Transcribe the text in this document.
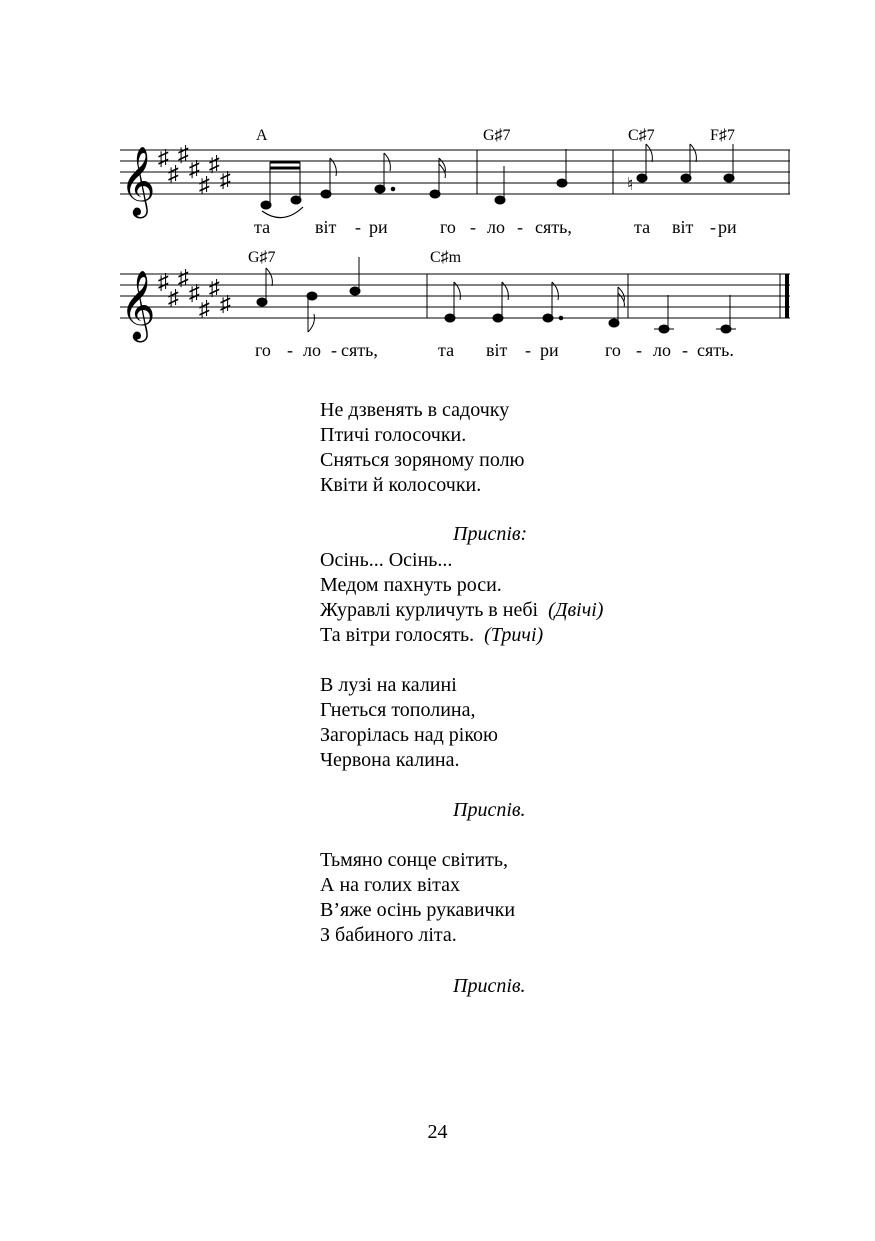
𝄞 ♯
♯
♯
♯
♯
♯
♯	♮
A	G♯7	C♯7	F♯7
та віт - ри	го - ло - сять,	та віт - ри
𝄞 ♯
♯
♯
♯
♯
♯
♯
G♯7	C♯m
го - ло - сять,	та віт - ри	го - ло - сять.
Не дзвенять в садочку
Птичі голосочки.
Сняться зоряному полю
Квіти й колосочки.
Приспів:
Осінь... Осінь...
Медом пахнуть роси.
Журавлі курличуть в небі (Двічі)
Та вітри голосять. (Тричі)
В лузі на калині
Гнеться тополина,
Загорілась над рікою
Червона калина.
Приспів.
Тьмяно сонце світить,
А на голих вітах
В’яже осінь рукавички
З бабиного літа.
Приспів.
24
